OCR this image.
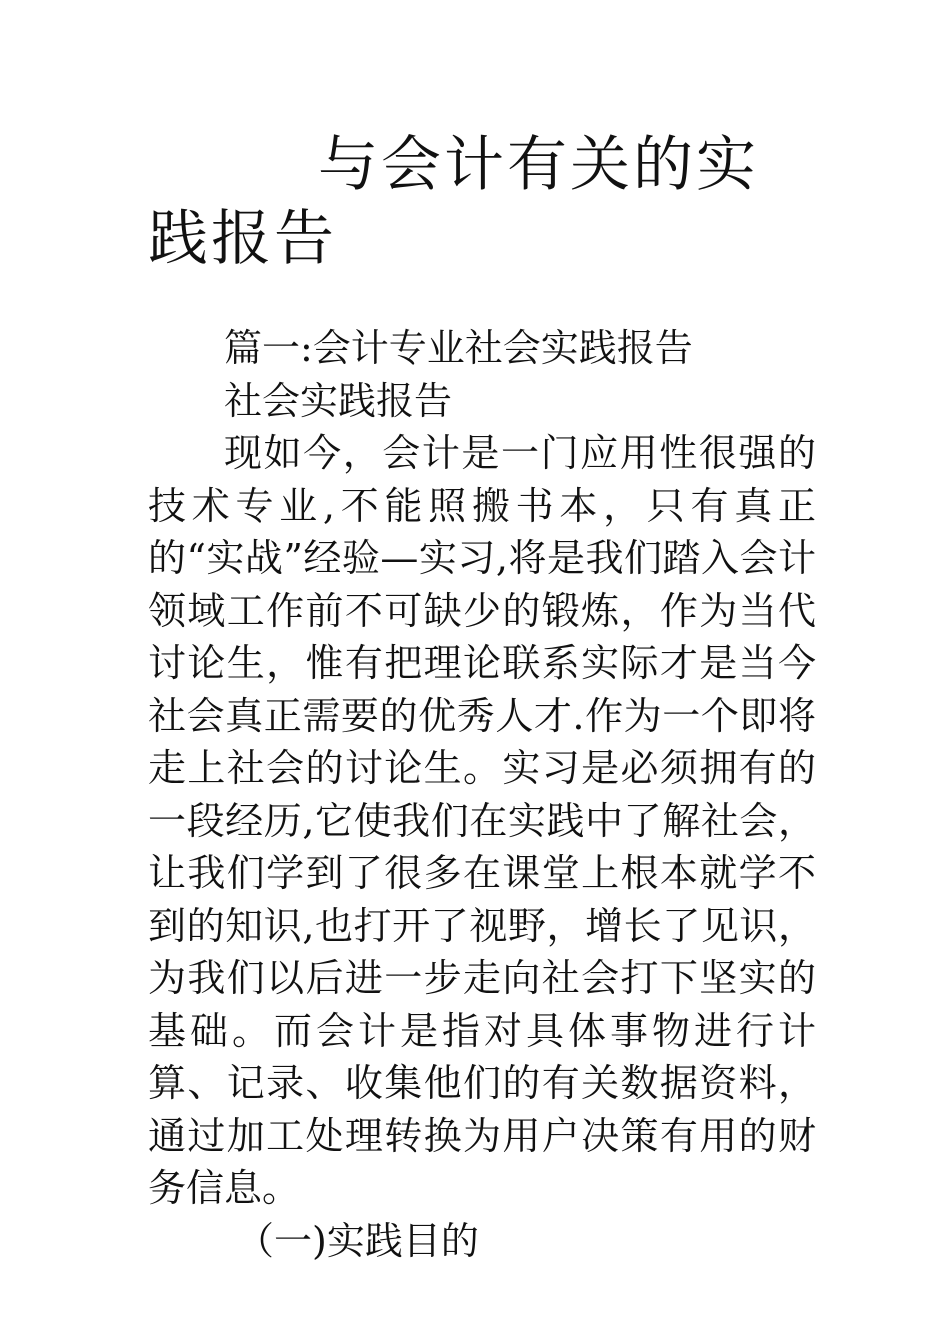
与会计有关的实践报告

篇一:会计专业社会实践报告

社会实践报告

现如今，会计是一门应用性很强的技术专业,不能照搬书本，只有真正的“实战”经验—实习,将是我们踏入会计领域工作前不可缺少的锻炼，作为当代讨论生，惟有把理论联系实际才是当今社会真正需要的优秀人才.作为一个即将走上社会的讨论生。实习是必须拥有的一段经历,它使我们在实践中了解社会，让我们学到了很多在课堂上根本就学不到的知识,也打开了视野，增长了见识，为我们以后进一步走向社会打下坚实的基础。而会计是指对具体事物进行计算、记录、收集他们的有关数据资料，通过加工处理转换为用户决策有用的财务信息。

（一)实践目的
